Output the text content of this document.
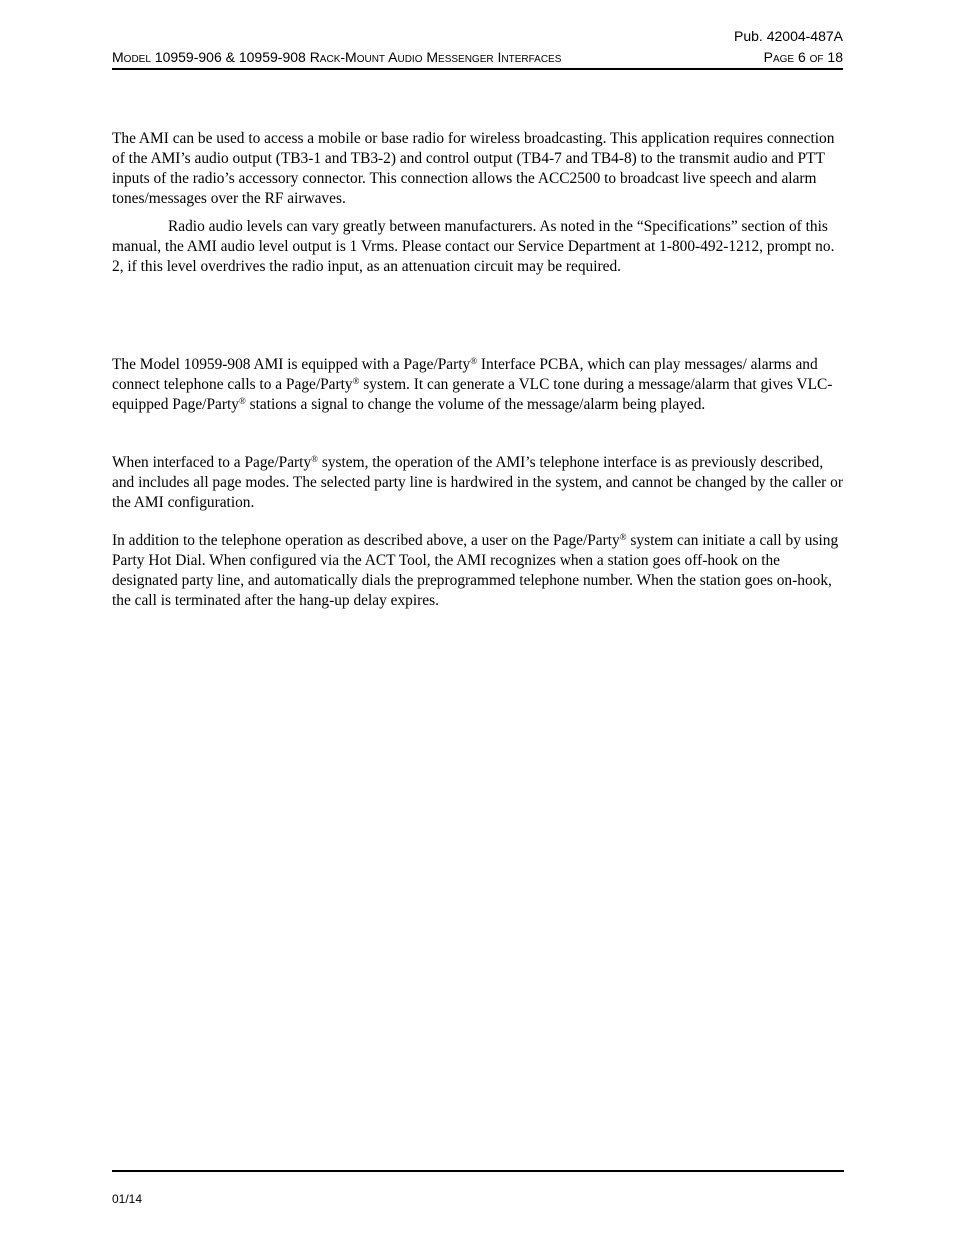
Pub. 42004-487A
Model 10959-906 & 10959-908 Rack-Mount Audio Messenger Interfaces	Page 6 of 18

The AMI can be used to access a mobile or base radio for wireless broadcasting. This application requires connection of the AMI’s audio output (TB3-1 and TB3-2) and control output (TB4-7 and TB4-8) to the transmit audio and PTT inputs of the radio’s accessory connector. This connection allows the ACC2500 to broadcast live speech and alarm tones/messages over the RF airwaves.

Radio audio levels can vary greatly between manufacturers. As noted in the “Specifications” section of this manual, the AMI audio level output is 1 Vrms. Please contact our Service Department at 1-800-492-1212, prompt no. 2, if this level overdrives the radio input, as an attenuation circuit may be required.

The Model 10959-908 AMI is equipped with a Page/Party® Interface PCBA, which can play messages/ alarms and connect telephone calls to a Page/Party® system. It can generate a VLC tone during a message/alarm that gives VLC-equipped Page/Party® stations a signal to change the volume of the message/alarm being played.

When interfaced to a Page/Party® system, the operation of the AMI’s telephone interface is as previously described, and includes all page modes. The selected party line is hardwired in the system, and cannot be changed by the caller or the AMI configuration.

In addition to the telephone operation as described above, a user on the Page/Party® system can initiate a call by using Party Hot Dial. When configured via the ACT Tool, the AMI recognizes when a station goes off-hook on the designated party line, and automatically dials the preprogrammed telephone number. When the station goes on-hook, the call is terminated after the hang-up delay expires.

01/14
